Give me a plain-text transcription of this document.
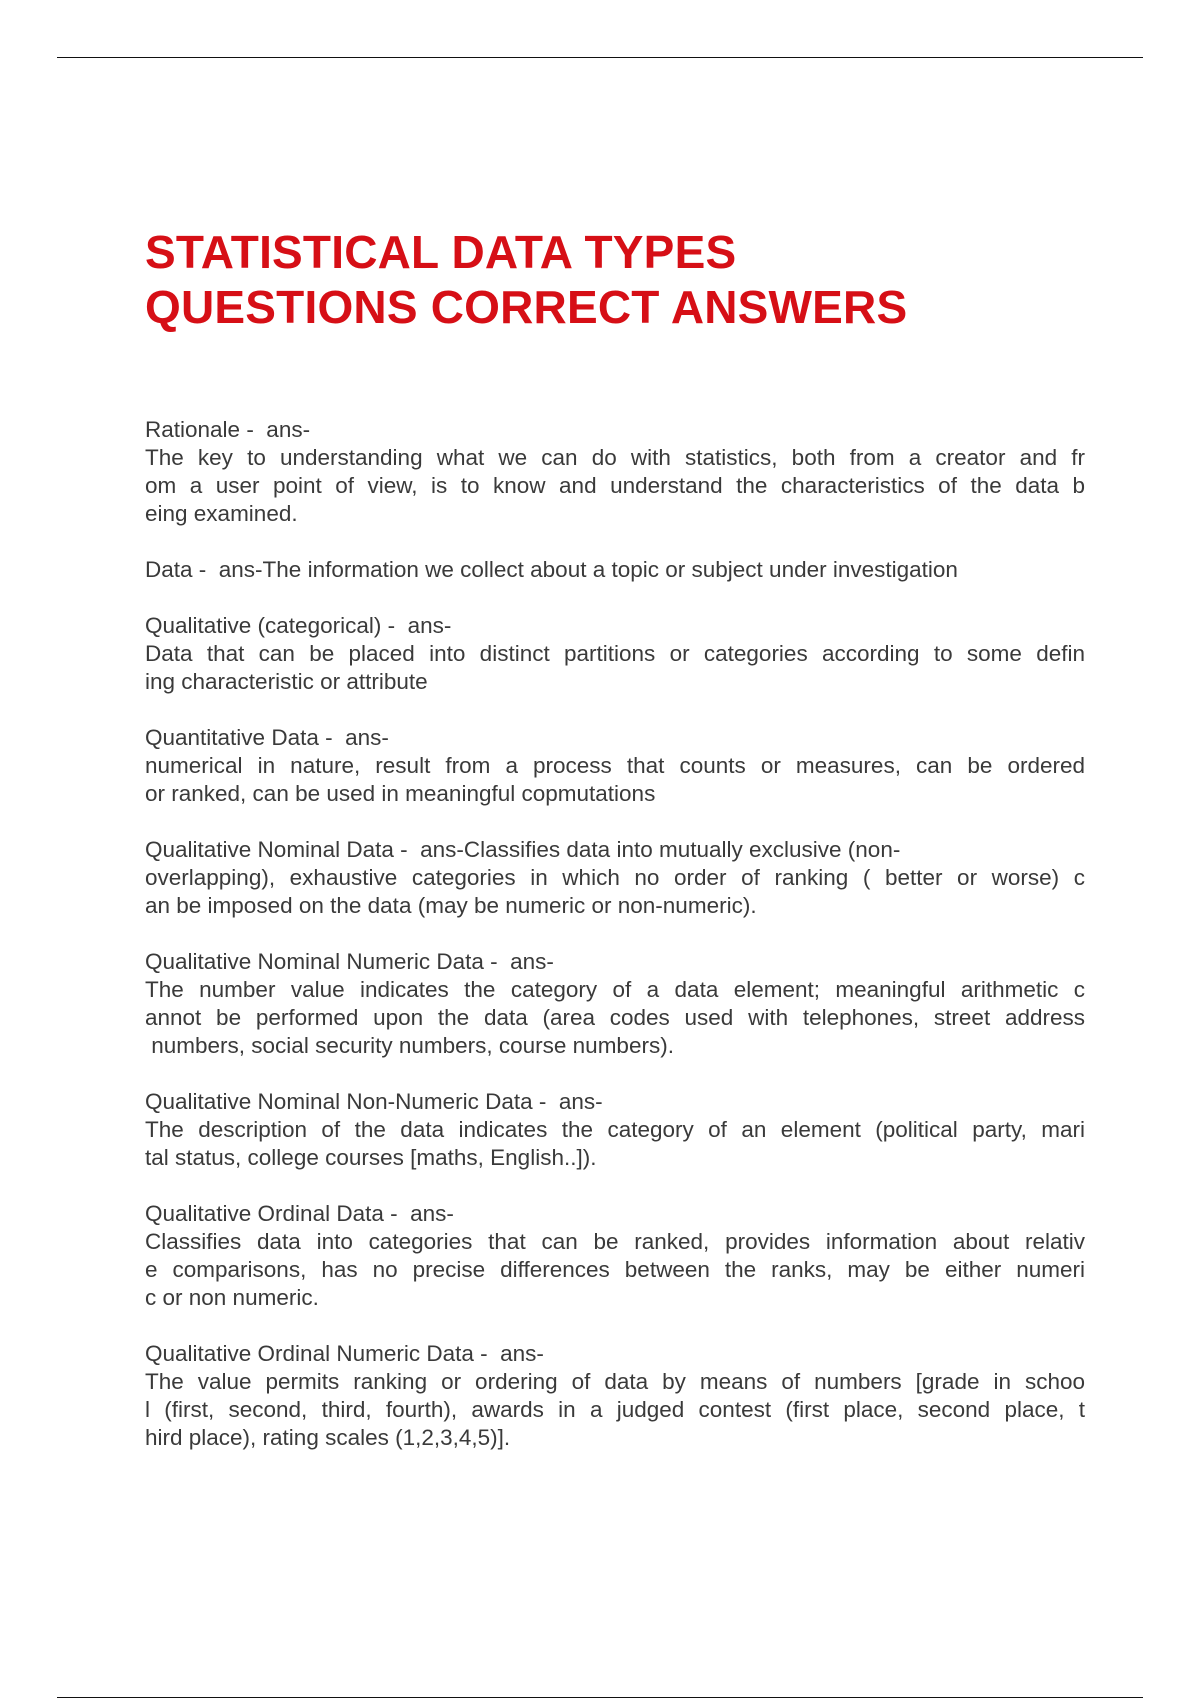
STATISTICAL DATA TYPES
QUESTIONS CORRECT ANSWERS

Rationale -  ans-
The key to understanding what we can do with statistics, both from a creator and fr
om a user point of view, is to know and understand the characteristics of the data b
eing examined.

Data -  ans-The information we collect about a topic or subject under investigation

Qualitative (categorical) -  ans-
Data that can be placed into distinct partitions or categories according to some defin
ing characteristic or attribute

Quantitative Data -  ans-
numerical in nature, result from a process that counts or measures, can be ordered
or ranked, can be used in meaningful copmutations

Qualitative Nominal Data -  ans-Classifies data into mutually exclusive (non-
overlapping), exhaustive categories in which no order of ranking ( better or worse) c
an be imposed on the data (may be numeric or non-numeric).

Qualitative Nominal Numeric Data -  ans-
The number value indicates the category of a data element; meaningful arithmetic c
annot be performed upon the data (area codes used with telephones, street address
numbers, social security numbers, course numbers).

Qualitative Nominal Non-Numeric Data -  ans-
The description of the data indicates the category of an element (political party, mari
tal status, college courses [maths, English..]).

Qualitative Ordinal Data -  ans-
Classifies data into categories that can be ranked, provides information about relativ
e comparisons, has no precise differences between the ranks, may be either numeri
c or non numeric.

Qualitative Ordinal Numeric Data -  ans-
The value permits ranking or ordering of data by means of numbers [grade in schoo
l (first, second, third, fourth), awards in a judged contest (first place, second place, t
hird place), rating scales (1,2,3,4,5)].
